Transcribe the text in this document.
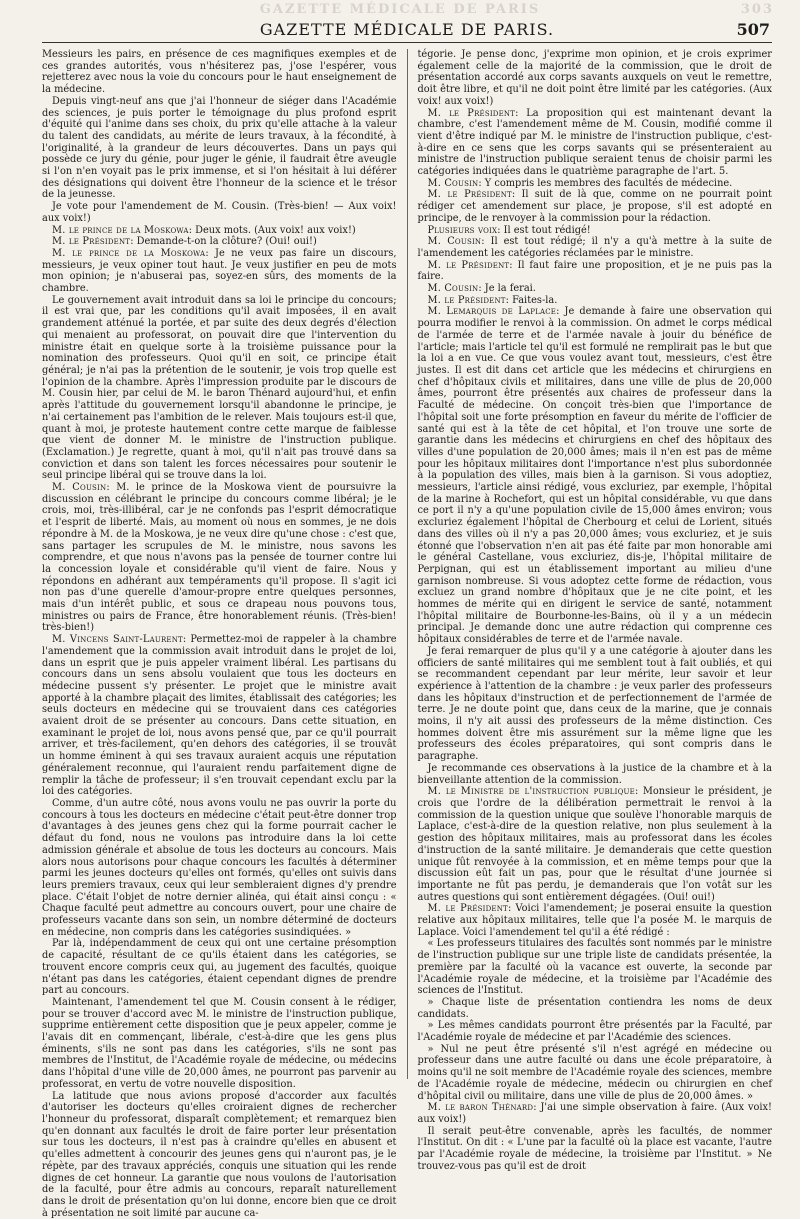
GAZETTE MÉDICALE DE PARIS	303
GAZETTE MÉDICALE DE PARIS.	507

Messieurs les pairs, en présence de ces magnifiques exemples et de ces grandes autorités, vous n'hésiterez pas, j'ose l'espérer, vous rejetterez avec nous la voie du concours pour le haut enseignement de la médecine.

Depuis vingt-neuf ans que j'ai l'honneur de siéger dans l'Académie des sciences, je puis porter le témoignage du plus profond esprit d'équité qui l'anime dans ses choix, du prix qu'elle attache à la valeur du talent des candidats, au mérite de leurs travaux, à la fécondité, à l'originalité, à la grandeur de leurs découvertes. Dans un pays qui possède ce jury du génie, pour juger le génie, il faudrait être aveugle si l'on n'en voyait pas le prix immense, et si l'on hésitait à lui déférer des désignations qui doivent être l'honneur de la science et le trésor de la jeunesse.

Je vote pour l'amendement de M. Cousin. (Très-bien! — Aux voix! aux voix!)

M. le prince de la Moskowa: Deux mots. (Aux voix! aux voix!)

M. le Président: Demande-t-on la clôture? (Oui! oui!)

M. le prince de la Moskowa: Je ne veux pas faire un discours, messieurs, je veux opiner tout haut. Je veux justifier en peu de mots mon opinion; je n'abuserai pas, soyez-en sûrs, des moments de la chambre.

Le gouvernement avait introduit dans sa loi le principe du concours; il est vrai que, par les conditions qu'il avait imposées, il en avait grandement atténué la portée, et par suite des deux degrés d'élection qui menaient au professorat, on pouvait dire que l'intervention du ministre était en quelque sorte à la troisième puissance pour la nomination des professeurs. Quoi qu'il en soit, ce principe était général; je n'ai pas la prétention de le soutenir, je vois trop quelle est l'opinion de la chambre. Après l'impression produite par le discours de M. Cousin hier, par celui de M. le baron Thénard aujourd'hui, et enfin après l'attitude du gouvernement lorsqu'il abandonne le principe, je n'ai certainement pas l'ambition de le relever. Mais toujours est-il que, quant à moi, je proteste hautement contre cette marque de faiblesse que vient de donner M. le ministre de l'instruction publique. (Exclamation.) Je regrette, quant à moi, qu'il n'ait pas trouvé dans sa conviction et dans son talent les forces nécessaires pour soutenir le seul principe libéral qui se trouve dans la loi.

M. Cousin: M. le prince de la Moskowa vient de poursuivre la discussion en célébrant le principe du concours comme libéral; je le crois, moi, très-illibéral, car je ne confonds pas l'esprit démocratique et l'esprit de liberté. Mais, au moment où nous en sommes, je ne dois répondre à M. de la Moskowa, je ne veux dire qu'une chose : c'est que, sans partager les scrupules de M. le ministre, nous savons les comprendre, et que nous n'avons pas la pensée de tourner contre lui la concession loyale et considérable qu'il vient de faire. Nous y répondons en adhérant aux tempéraments qu'il propose. Il s'agit ici non pas d'une querelle d'amour-propre entre quelques personnes, mais d'un intérêt public, et sous ce drapeau nous pouvons tous, ministres ou pairs de France, être honorablement réunis. (Très-bien! très-bien!)

M. Vincens Saint-Laurent: Permettez-moi de rappeler à la chambre l'amendement que la commission avait introduit dans le projet de loi, dans un esprit que je puis appeler vraiment libéral. Les partisans du concours dans un sens absolu voulaient que tous les docteurs en médecine pussent s'y présenter. Le projet que le ministre avait apporté à la chambre plaçait des limites, établissait des catégories; les seuls docteurs en médecine qui se trouvaient dans ces catégories avaient droit de se présenter au concours. Dans cette situation, en examinant le projet de loi, nous avons pensé que, par ce qu'il pourrait arriver, et très-facilement, qu'en dehors des catégories, il se trouvât un homme éminent à qui ses travaux auraient acquis une réputation généralement reconnue, qui l'auraient rendu parfaitement digne de remplir la tâche de professeur; il s'en trouvait cependant exclu par la loi des catégories.

Comme, d'un autre côté, nous avons voulu ne pas ouvrir la porte du concours à tous les docteurs en médecine c'était peut-être donner trop d'avantages à des jeunes gens chez qui la forme pourrait cacher le défaut du fond, nous ne voulons pas introduire dans la loi cette admission générale et absolue de tous les docteurs au concours. Mais alors nous autorisons pour chaque concours les facultés à déterminer parmi les jeunes docteurs qu'elles ont formés, qu'elles ont suivis dans leurs premiers travaux, ceux qui leur sembleraient dignes d'y prendre place. C'était l'objet de notre dernier alinéa, qui était ainsi conçu : « Chaque faculté peut admettre au concours ouvert, pour une chaire de professeurs vacante dans son sein, un nombre déterminé de docteurs en médecine, non compris dans les catégories susindiquées. »

Par là, indépendamment de ceux qui ont une certaine présomption de capacité, résultant de ce qu'ils étaient dans les catégories, se trouvent encore compris ceux qui, au jugement des facultés, quoique n'étant pas dans les catégories, étaient cependant dignes de prendre part au concours.

Maintenant, l'amendement tel que M. Cousin consent à le rédiger, pour se trouver d'accord avec M. le ministre de l'instruction publique, supprime entièrement cette disposition que je peux appeler, comme je l'avais dit en commençant, libérale, c'est-à-dire que les gens plus éminents, s'ils ne sont pas dans les catégories, s'ils ne sont pas membres de l'Institut, de l'Académie royale de médecine, ou médecins dans l'hôpital d'une ville de 20,000 âmes, ne pourront pas parvenir au professorat, en vertu de votre nouvelle disposition.

La latitude que nous avions proposé d'accorder aux facultés d'autoriser les docteurs qu'elles croiraient dignes de rechercher l'honneur du professorat, disparaît complètement; et remarquez bien qu'en donnant aux facultés le droit de faire porter leur présentation sur tous les docteurs, il n'est pas à craindre qu'elles en abusent et qu'elles admettent à concourir des jeunes gens qui n'auront pas, je le répète, par des travaux appréciés, conquis une situation qui les rende dignes de cet honneur. La garantie que nous voulons de l'autorisation de la faculté, pour être admis au concours, reparaît naturellement dans le droit de présentation qu'on lui donne, encore bien que ce droit à présentation ne soit limité par aucune ca-

tégorie. Je pense donc, j'exprime mon opinion, et je crois exprimer également celle de la majorité de la commission, que le droit de présentation accordé aux corps savants auxquels on veut le remettre, doit être libre, et qu'il ne doit point être limité par les catégories. (Aux voix! aux voix!)

M. le Président: La proposition qui est maintenant devant la chambre, c'est l'amendement même de M. Cousin, modifié comme il vient d'être indiqué par M. le ministre de l'instruction publique, c'est-à-dire en ce sens que les corps savants qui se présenteraient au ministre de l'instruction publique seraient tenus de choisir parmi les catégories indiquées dans le quatrième paragraphe de l'art. 5.

M. Cousin: Y compris les membres des facultés de médecine.

M. le Président: Il suit de là que, comme on ne pourrait point rédiger cet amendement sur place, je propose, s'il est adopté en principe, de le renvoyer à la commission pour la rédaction.

Plusieurs voix: Il est tout rédigé!

M. Cousin: Il est tout rédigé; il n'y a qu'à mettre à la suite de l'amendement les catégories réclamées par le ministre.

M. le Président: Il faut faire une proposition, et je ne puis pas la faire.

M. Cousin: Je la ferai.

M. le Président: Faites-la.

M. Lemarquis de Laplace: Je demande à faire une observation qui pourra modifier le renvoi à la commission. On admet le corps médical de l'armée de terre et de l'armée navale à jouir du bénéfice de l'article; mais l'article tel qu'il est formulé ne remplirait pas le but que la loi a en vue. Ce que vous voulez avant tout, messieurs, c'est être justes. Il est dit dans cet article que les médecins et chirurgiens en chef d'hôpitaux civils et militaires, dans une ville de plus de 20,000 âmes, pourront être présentés aux chaires de professeur dans la Faculté de médecine. On conçoit très-bien que l'importance de l'hôpital soit une forte présomption en faveur du mérite de l'officier de santé qui est à la tête de cet hôpital, et l'on trouve une sorte de garantie dans les médecins et chirurgiens en chef des hôpitaux des villes d'une population de 20,000 âmes; mais il n'en est pas de même pour les hôpitaux militaires dont l'importance n'est plus subordonnée à la population des villes, mais bien à la garnison. Si vous adoptiez, messieurs, l'article ainsi rédigé, vous excluriez, par exemple, l'hôpital de la marine à Rochefort, qui est un hôpital considérable, vu que dans ce port il n'y a qu'une population civile de 15,000 âmes environ; vous excluriez également l'hôpital de Cherbourg et celui de Lorient, situés dans des villes où il n'y a pas 20,000 âmes; vous excluriez, et je suis étonné que l'observation n'en ait pas été faite par mon honorable ami le général Castellane, vous excluriez, dis-je, l'hôpital militaire de Perpignan, qui est un établissement important au milieu d'une garnison nombreuse. Si vous adoptez cette forme de rédaction, vous excluez un grand nombre d'hôpitaux que je ne cite point, et les hommes de mérite qui en dirigent le service de santé, notamment l'hôpital militaire de Bourbonne-les-Bains, où il y a un médecin principal. Je demande donc une autre rédaction qui comprenne ces hôpitaux considérables de terre et de l'armée navale.

Je ferai remarquer de plus qu'il y a une catégorie à ajouter dans les officiers de santé militaires qui me semblent tout à fait oubliés, et qui se recommandent cependant par leur mérite, leur savoir et leur expérience à l'attention de la chambre : je veux parler des professeurs dans les hôpitaux d'instruction et de perfectionnement de l'armée de terre. Je ne doute point que, dans ceux de la marine, que je connais moins, il n'y ait aussi des professeurs de la même distinction. Ces hommes doivent être mis assurément sur la même ligne que les professeurs des écoles préparatoires, qui sont compris dans le paragraphe.

Je recommande ces observations à la justice de la chambre et à la bienveillante attention de la commission.

M. le Ministre de l'instruction publique: Monsieur le président, je crois que l'ordre de la délibération permettrait le renvoi à la commission de la question unique que soulève l'honorable marquis de Laplace, c'est-à-dire de la question relative, non plus seulement à la gestion des hôpitaux militaires, mais au professorat dans les écoles d'instruction de la santé militaire. Je demanderais que cette question unique fût renvoyée à la commission, et en même temps pour que la discussion eût fait un pas, pour que le résultat d'une journée si importante ne fût pas perdu, je demanderais que l'on votât sur les autres questions qui sont entièrement dégagées. (Oui! oui!)

M. le Président: Voici l'amendement; je poserai ensuite la question relative aux hôpitaux militaires, telle que l'a posée M. le marquis de Laplace. Voici l'amendement tel qu'il a été rédigé :

« Les professeurs titulaires des facultés sont nommés par le ministre de l'instruction publique sur une triple liste de candidats présentée, la première par la faculté où la vacance est ouverte, la seconde par l'Académie royale de médecine, et la troisième par l'Académie des sciences de l'Institut.

» Chaque liste de présentation contiendra les noms de deux candidats.

» Les mêmes candidats pourront être présentés par la Faculté, par l'Académie royale de médecine et par l'Académie des sciences.

» Nul ne peut être présenté s'il n'est agrégé en médecine ou professeur dans une autre faculté ou dans une école préparatoire, à moins qu'il ne soit membre de l'Académie royale des sciences, membre de l'Académie royale de médecine, médecin ou chirurgien en chef d'hôpital civil ou militaire, dans une ville de plus de 20,000 âmes. »

M. le baron Thénard: J'ai une simple observation à faire. (Aux voix! aux voix!)

Il serait peut-être convenable, après les facultés, de nommer l'Institut. On dit : « L'une par la faculté où la place est vacante, l'autre par l'Académie royale de médecine, la troisième par l'Institut. » Ne trouvez-vous pas qu'il est de droit
